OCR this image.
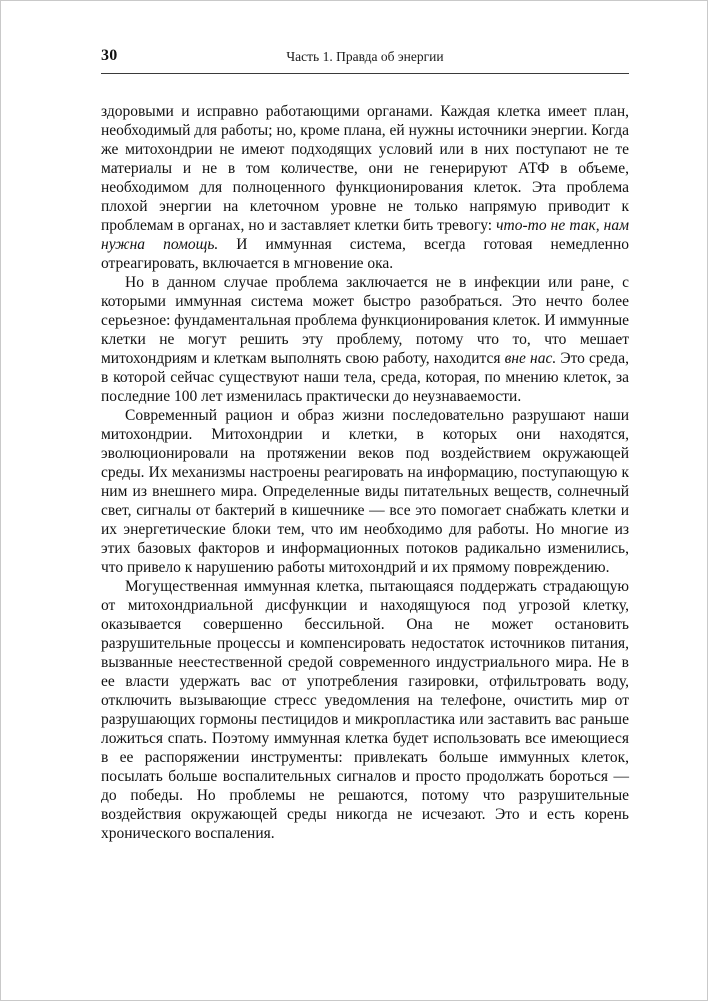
30	Часть 1. Правда об энергии

здоровыми и исправно работающими органами. Каждая клетка имеет план, необходимый для работы; но, кроме плана, ей нужны источники энергии. Когда же митохондрии не имеют подходящих условий или в них поступают не те материалы и не в том количестве, они не генерируют АТФ в объеме, необходимом для полноценного функционирования клеток. Эта проблема плохой энергии на клеточном уровне не только напрямую приводит к проблемам в органах, но и заставляет клетки бить тревогу: что-то не так, нам нужна помощь. И иммунная система, всегда готовая немедленно отреагировать, включается в мгновение ока.

Но в данном случае проблема заключается не в инфекции или ране, с которыми иммунная система может быстро разобраться. Это нечто более серьезное: фундаментальная проблема функционирования клеток. И иммунные клетки не могут решить эту проблему, потому что то, что мешает митохондриям и клеткам выполнять свою работу, находится вне нас. Это среда, в которой сейчас существуют наши тела, среда, которая, по мнению клеток, за последние 100 лет изменилась практически до неузнаваемости.

Современный рацион и образ жизни последовательно разрушают наши митохондрии. Митохондрии и клетки, в которых они находятся, эволюционировали на протяжении веков под воздействием окружающей среды. Их механизмы настроены реагировать на информацию, поступающую к ним из внешнего мира. Определенные виды питательных веществ, солнечный свет, сигналы от бактерий в кишечнике — все это помогает снабжать клетки и их энергетические блоки тем, что им необходимо для работы. Но многие из этих базовых факторов и информационных потоков радикально изменились, что привело к нарушению работы митохондрий и их прямому повреждению.

Могущественная иммунная клетка, пытающаяся поддержать страдающую от митохондриальной дисфункции и находящуюся под угрозой клетку, оказывается совершенно бессильной. Она не может остановить разрушительные процессы и компенсировать недостаток источников питания, вызванные неестественной средой современного индустриального мира. Не в ее власти удержать вас от употребления газировки, отфильтровать воду, отключить вызывающие стресс уведомления на телефоне, очистить мир от разрушающих гормоны пестицидов и микропластика или заставить вас раньше ложиться спать. Поэтому иммунная клетка будет использовать все имеющиеся в ее распоряжении инструменты: привлекать больше иммунных клеток, посылать больше воспалительных сигналов и просто продолжать бороться — до победы. Но проблемы не решаются, потому что разрушительные воздействия окружающей среды никогда не исчезают. Это и есть корень хронического воспаления.
